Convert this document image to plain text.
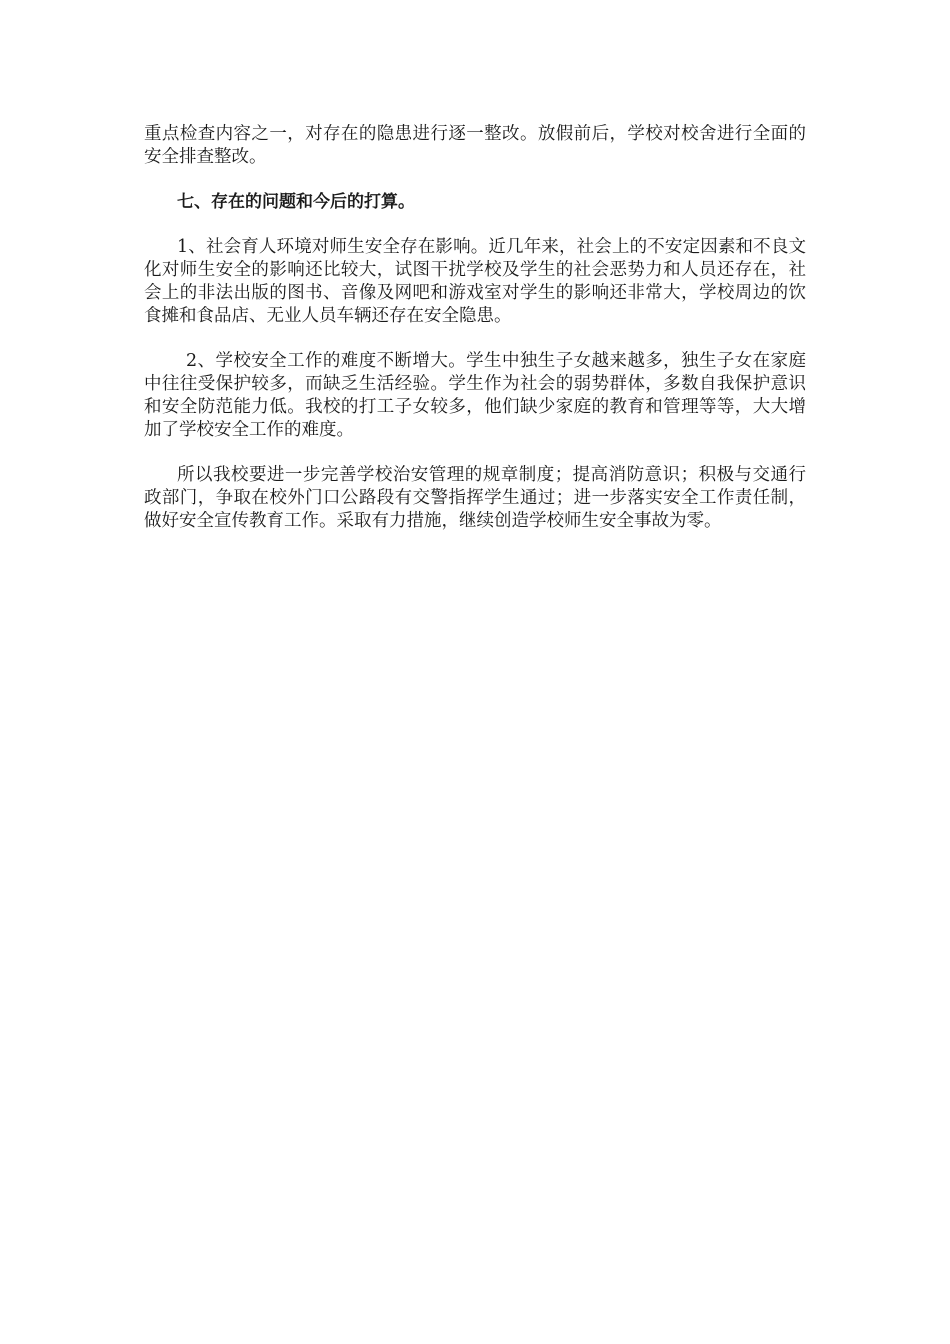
重点检查内容之一，对存在的隐患进行逐一整改。放假前后，学校对校舍进行全面的安全排查整改。

七、存在的问题和今后的打算。

1、社会育人环境对师生安全存在影响。近几年来，社会上的不安定因素和不良文化对师生安全的影响还比较大，试图干扰学校及学生的社会恶势力和人员还存在，社会上的非法出版的图书、音像及网吧和游戏室对学生的影响还非常大，学校周边的饮食摊和食品店、无业人员车辆还存在安全隐患。

2、学校安全工作的难度不断增大。学生中独生子女越来越多，独生子女在家庭中往往受保护较多，而缺乏生活经验。学生作为社会的弱势群体，多数自我保护意识和安全防范能力低。我校的打工子女较多，他们缺少家庭的教育和管理等等，大大增加了学校安全工作的难度。

所以我校要进一步完善学校治安管理的规章制度；提高消防意识；积极与交通行政部门，争取在校外门口公路段有交警指挥学生通过；进一步落实安全工作责任制，做好安全宣传教育工作。采取有力措施，继续创造学校师生安全事故为零。
